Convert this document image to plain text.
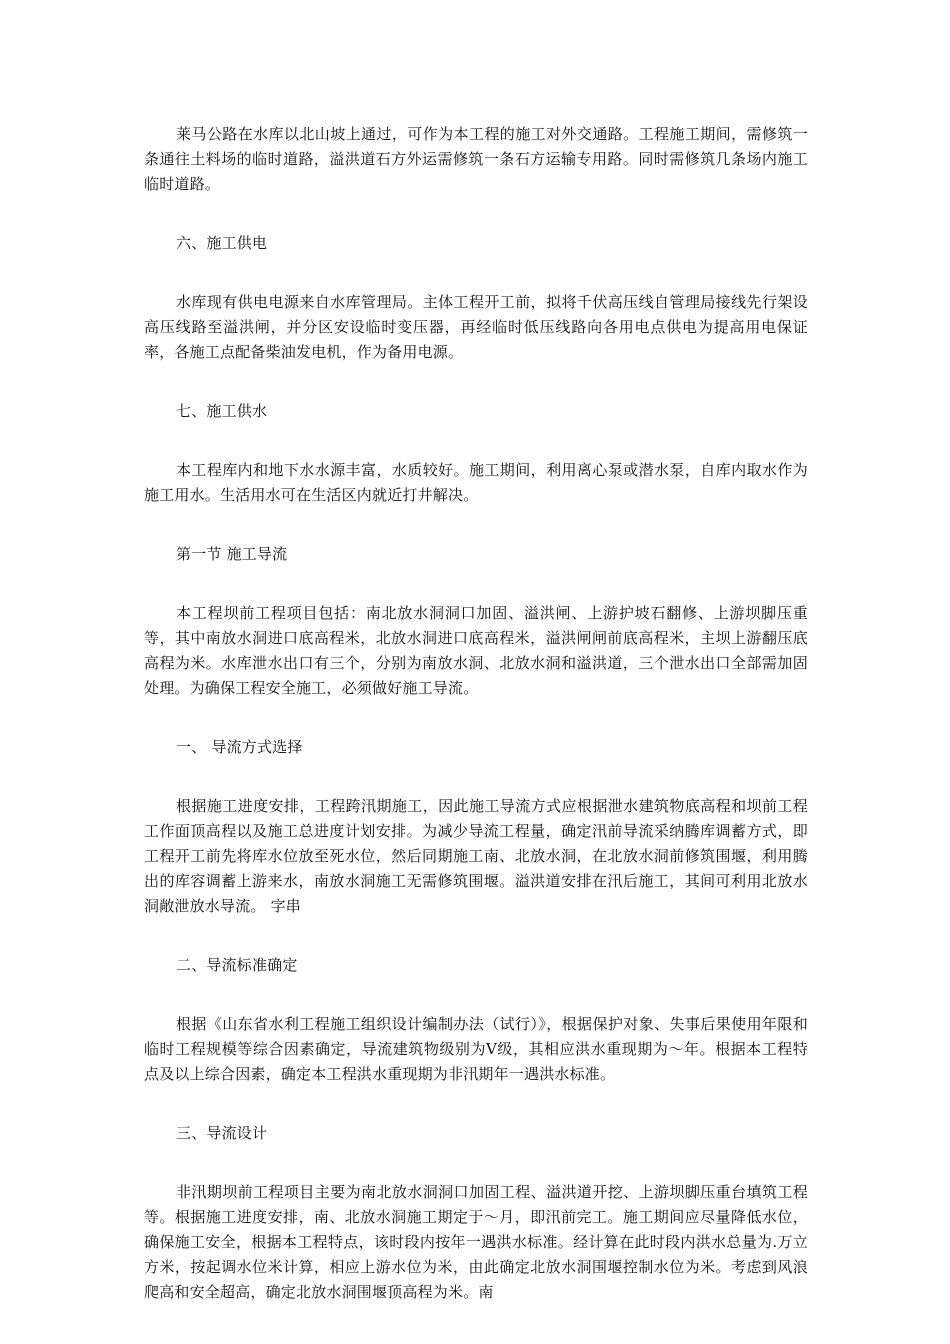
莱马公路在水库以北山坡上通过，可作为本工程的施工对外交通路。工程施工期间，需修筑一条通往土料场的临时道路，溢洪道石方外运需修筑一条石方运输专用路。同时需修筑几条场内施工临时道路。

六、施工供电

水库现有供电电源来自水库管理局。主体工程开工前，拟将千伏高压线自管理局接线先行架设高压线路至溢洪闸，并分区安设临时变压器，再经临时低压线路向各用电点供电为提高用电保证率，各施工点配备柴油发电机，作为备用电源。

七、施工供水

本工程库内和地下水水源丰富，水质较好。施工期间，利用离心泵或潜水泵，自库内取水作为施工用水。生活用水可在生活区内就近打井解决。

第一节 施工导流

本工程坝前工程项目包括：南北放水洞洞口加固、溢洪闸、上游护坡石翻修、上游坝脚压重等，其中南放水洞进口底高程米，北放水洞进口底高程米，溢洪闸闸前底高程米，主坝上游翻压底高程为米。水库泄水出口有三个，分别为南放水洞、北放水洞和溢洪道，三个泄水出口全部需加固处理。为确保工程安全施工，必须做好施工导流。

一、 导流方式选择

根据施工进度安排，工程跨汛期施工，因此施工导流方式应根据泄水建筑物底高程和坝前工程工作面顶高程以及施工总进度计划安排。为减少导流工程量，确定汛前导流采纳腾库调蓄方式，即工程开工前先将库水位放至死水位，然后同期施工南、北放水洞，在北放水洞前修筑围堰，利用腾出的库容调蓄上游来水，南放水洞施工无需修筑围堰。溢洪道安排在汛后施工，其间可利用北放水洞敞泄放水导流。 字串

二、导流标准确定

根据《山东省水利工程施工组织设计编制办法（试行）》，根据保护对象、失事后果使用年限和临时工程规模等综合因素确定，导流建筑物级别为Ⅴ级，其相应洪水重现期为～年。根据本工程特点及以上综合因素，确定本工程洪水重现期为非汛期年一遇洪水标准。

三、导流设计

非汛期坝前工程项目主要为南北放水洞洞口加固工程、溢洪道开挖、上游坝脚压重台填筑工程等。根据施工进度安排，南、北放水洞施工期定于～月，即汛前完工。施工期间应尽量降低水位，确保施工安全，根据本工程特点，该时段内按年一遇洪水标准。经计算在此时段内洪水总量为.万立方米，按起调水位米计算，相应上游水位为米，由此确定北放水洞围堰控制水位为米。考虑到风浪爬高和安全超高，确定北放水洞围堰顶高程为米。南
